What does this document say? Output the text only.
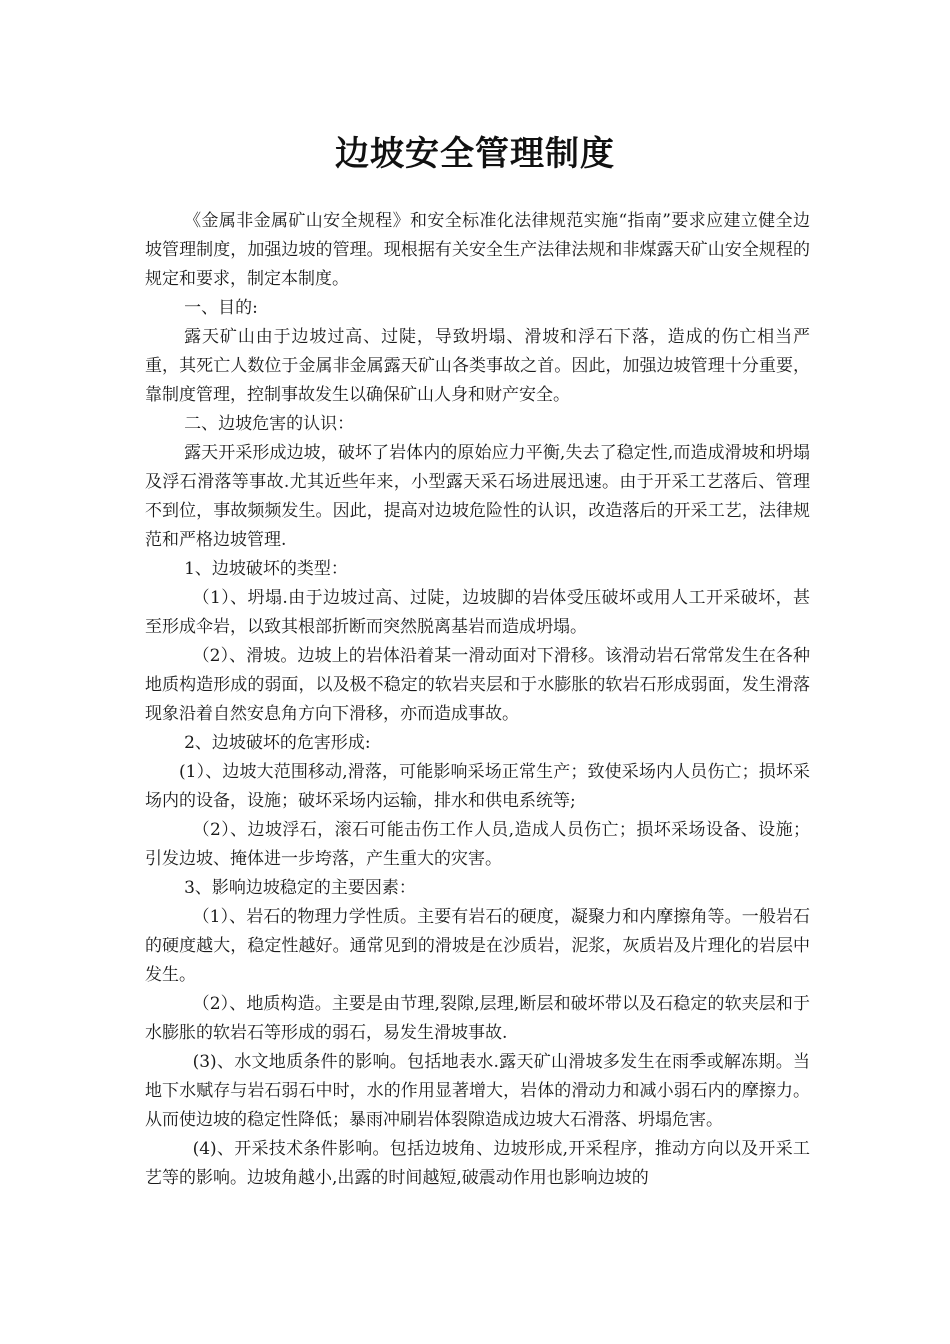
边坡安全管理制度

《金属非金属矿山安全规程》和安全标准化法律规范实施“指南”要求应建立健全边坡管理制度，加强边坡的管理。现根据有关安全生产法律法规和非煤露天矿山安全规程的规定和要求，制定本制度。

一、目的:

露天矿山由于边坡过高、过陡，导致坍塌、滑坡和浮石下落，造成的伤亡相当严重，其死亡人数位于金属非金属露天矿山各类事故之首。因此，加强边坡管理十分重要，靠制度管理，控制事故发生以确保矿山人身和财产安全。

二、边坡危害的认识：

露天开采形成边坡，破坏了岩体内的原始应力平衡,失去了稳定性,而造成滑坡和坍塌及浮石滑落等事故.尤其近些年来，小型露天采石场进展迅速。由于开采工艺落后、管理不到位，事故频频发生。因此，提高对边坡危险性的认识，改造落后的开采工艺，法律规范和严格边坡管理.

1、边坡破坏的类型：

（1）、坍塌.由于边坡过高、过陡，边坡脚的岩体受压破坏或用人工开采破坏，甚至形成伞岩，以致其根部折断而突然脱离基岩而造成坍塌。

（2）、滑坡。边坡上的岩体沿着某一滑动面对下滑移。该滑动岩石常常发生在各种地质构造形成的弱面，以及极不稳定的软岩夹层和于水膨胀的软岩石形成弱面，发生滑落现象沿着自然安息角方向下滑移，亦而造成事故。

2、边坡破坏的危害形成:

(1）、边坡大范围移动,滑落，可能影响采场正常生产；致使采场内人员伤亡；损坏采场内的设备，设施；破坏采场内运输，排水和供电系统等;

（2）、边坡浮石，滚石可能击伤工作人员,造成人员伤亡；损坏采场设备、设施；引发边坡、掩体进一步垮落，产生重大的灾害。

3、影响边坡稳定的主要因素：

（1）、岩石的物理力学性质。主要有岩石的硬度，凝聚力和内摩擦角等。一般岩石的硬度越大，稳定性越好。通常见到的滑坡是在沙质岩，泥浆，灰质岩及片理化的岩层中发生。

（2）、地质构造。主要是由节理,裂隙,层理,断层和破坏带以及石稳定的软夹层和于水膨胀的软岩石等形成的弱石，易发生滑坡事故.

(3)、水文地质条件的影响。包括地表水.露天矿山滑坡多发生在雨季或解冻期。当地下水赋存与岩石弱石中时，水的作用显著增大，岩体的滑动力和减小弱石内的摩擦力。从而使边坡的稳定性降低；暴雨冲刷岩体裂隙造成边坡大石滑落、坍塌危害。

(4)、开采技术条件影响。包括边坡角、边坡形成,开采程序，推动方向以及开采工艺等的影响。边坡角越小,出露的时间越短,破震动作用也影响边坡的
